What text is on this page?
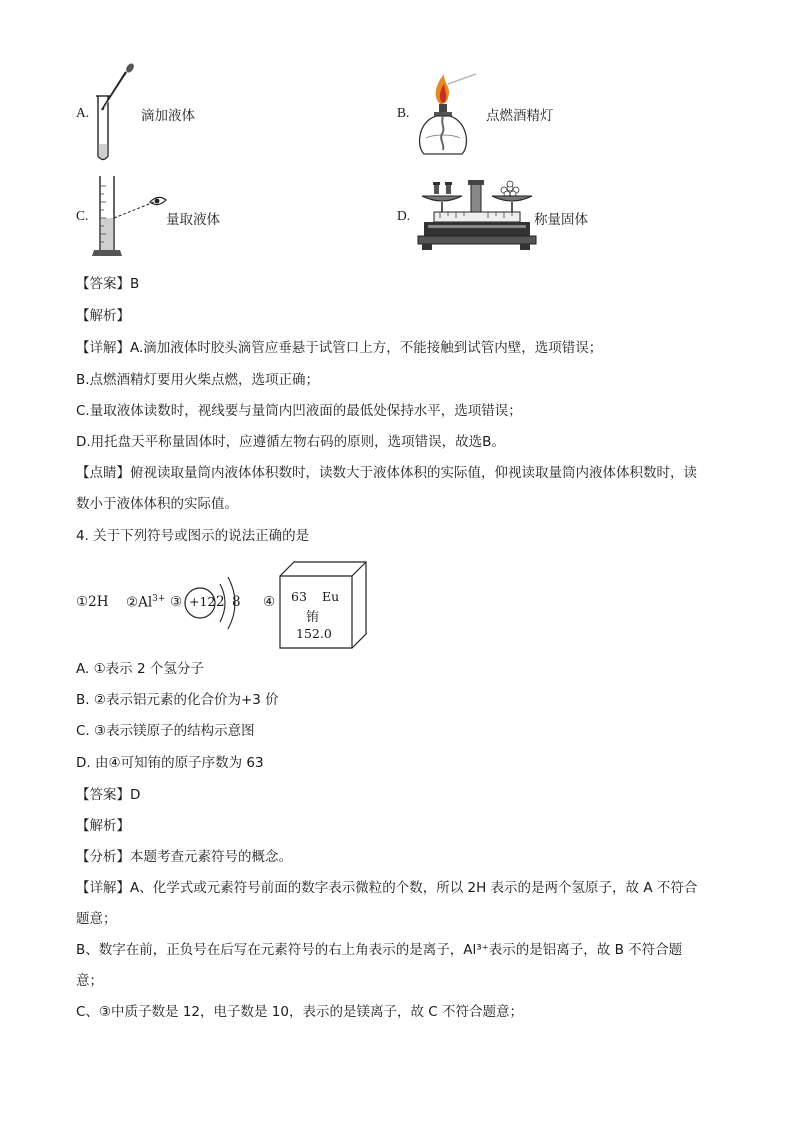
A.	滴加液体	B.	点燃酒精灯
C.	量取液体	D.	称量固体
【答案】B
【解析】
【详解】A.滴加液体时胶头滴管应垂悬于试管口上方，不能接触到试管内壁，选项错误；
B.点燃酒精灯要用火柴点燃，选项正确；
C.量取液体读数时，视线要与量筒内凹液面的最低处保持水平，选项错误；
D.用托盘天平称量固体时，应遵循左物右码的原则，选项错误，故选B。
【点睛】俯视读取量筒内液体体积数时，读数大于液体体积的实际值，仰视读取量筒内液体体积数时，读
数小于液体体积的实际值。
4. 关于下列符号或图示的说法正确的是
①2H $②Al^{3+}$ ③ +12 2 8 ④ 63 Eu
铕
152.0
A. ①表示 2 个氢分子
B. ②表示铝元素的化合价为+3 价
C. ③表示镁原子的结构示意图
D. 由④可知铕的原子序数为 63
【答案】D
【解析】
【分析】本题考查元素符号的概念。
【详解】A、化学式或元素符号前面的数字表示微粒的个数，所以 2H 表示的是两个氢原子，故 A 不符合
题意；
B、数字在前，正负号在后写在元素符号的右上角表示的是离子，Al³⁺表示的是铝离子，故 B 不符合题
意；
C、③中质子数是 12，电子数是 10，表示的是镁离子，故 C 不符合题意；
